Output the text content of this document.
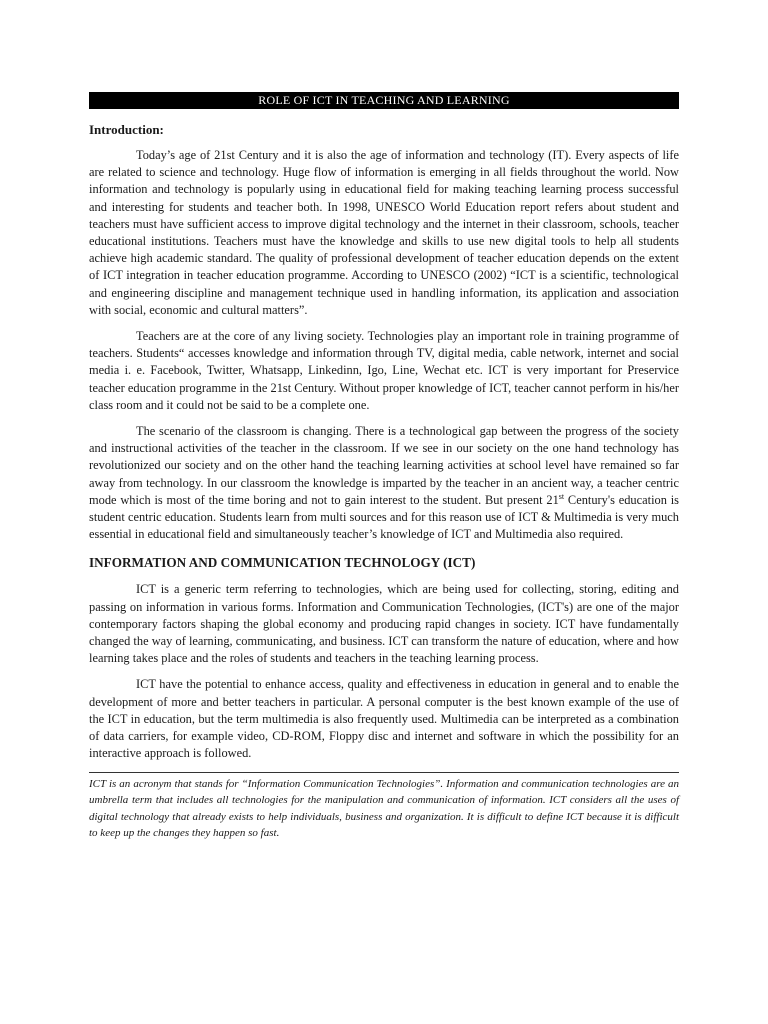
ROLE OF ICT IN TEACHING AND LEARNING
Introduction:

Today’s age of 21st Century and it is also the age of information and technology (IT). Every aspects of life are related to science and technology. Huge flow of information is emerging in all fields throughout the world. Now information and technology is popularly using in educational field for making teaching learning process successful and interesting for students and teacher both. In 1998, UNESCO World Education report refers about student and teachers must have sufficient access to improve digital technology and the internet in their classroom, schools, teacher educational institutions. Teachers must have the knowledge and skills to use new digital tools to help all students achieve high academic standard. The quality of professional development of teacher education depends on the extent of ICT integration in teacher education programme. According to UNESCO (2002) “ICT is a scientific, technological and engineering discipline and management technique used in handling information, its application and association with social, economic and cultural matters”.

Teachers are at the core of any living society. Technologies play an important role in training programme of teachers. Students“ accesses knowledge and information through TV, digital media, cable network, internet and social media i. e. Facebook, Twitter, Whatsapp, Linkedinn, Igo, Line, Wechat etc. ICT is very important for Preservice teacher education programme in the 21st Century. Without proper knowledge of ICT, teacher cannot perform in his/her class room and it could not be said to be a complete one.

The scenario of the classroom is changing. There is a technological gap between the progress of the society and instructional activities of the teacher in the classroom. If we see in our society on the one hand technology has revolutionized our society and on the other hand the teaching learning activities at school level have remained so far away from technology. In our classroom the knowledge is imparted by the teacher in an ancient way, a teacher centric mode which is most of the time boring and not to gain interest to the student. But present 21st Century's education is student centric education. Students learn from multi sources and for this reason use of ICT & Multimedia is very much essential in educational field and simultaneously teacher’s knowledge of ICT and Multimedia also required.

INFORMATION AND COMMUNICATION TECHNOLOGY (ICT)

ICT is a generic term referring to technologies, which are being used for collecting, storing, editing and passing on information in various forms. Information and Communication Technologies, (ICT's) are one of the major contemporary factors shaping the global economy and producing rapid changes in society. ICT have fundamentally changed the way of learning, communicating, and business. ICT can transform the nature of education, where and how learning takes place and the roles of students and teachers in the teaching learning process.

ICT have the potential to enhance access, quality and effectiveness in education in general and to enable the development of more and better teachers in particular. A personal computer is the best known example of the use of the ICT in education, but the term multimedia is also frequently used. Multimedia can be interpreted as a combination of data carriers, for example video, CD-ROM, Floppy disc and internet and software in which the possibility for an interactive approach is followed.

ICT is an acronym that stands for “Information Communication Technologies”. Information and communication technologies are an umbrella term that includes all technologies for the manipulation and communication of information. ICT considers all the uses of digital technology that already exists to help individuals, business and organization. It is difficult to define ICT because it is difficult to keep up the changes they happen so fast.
